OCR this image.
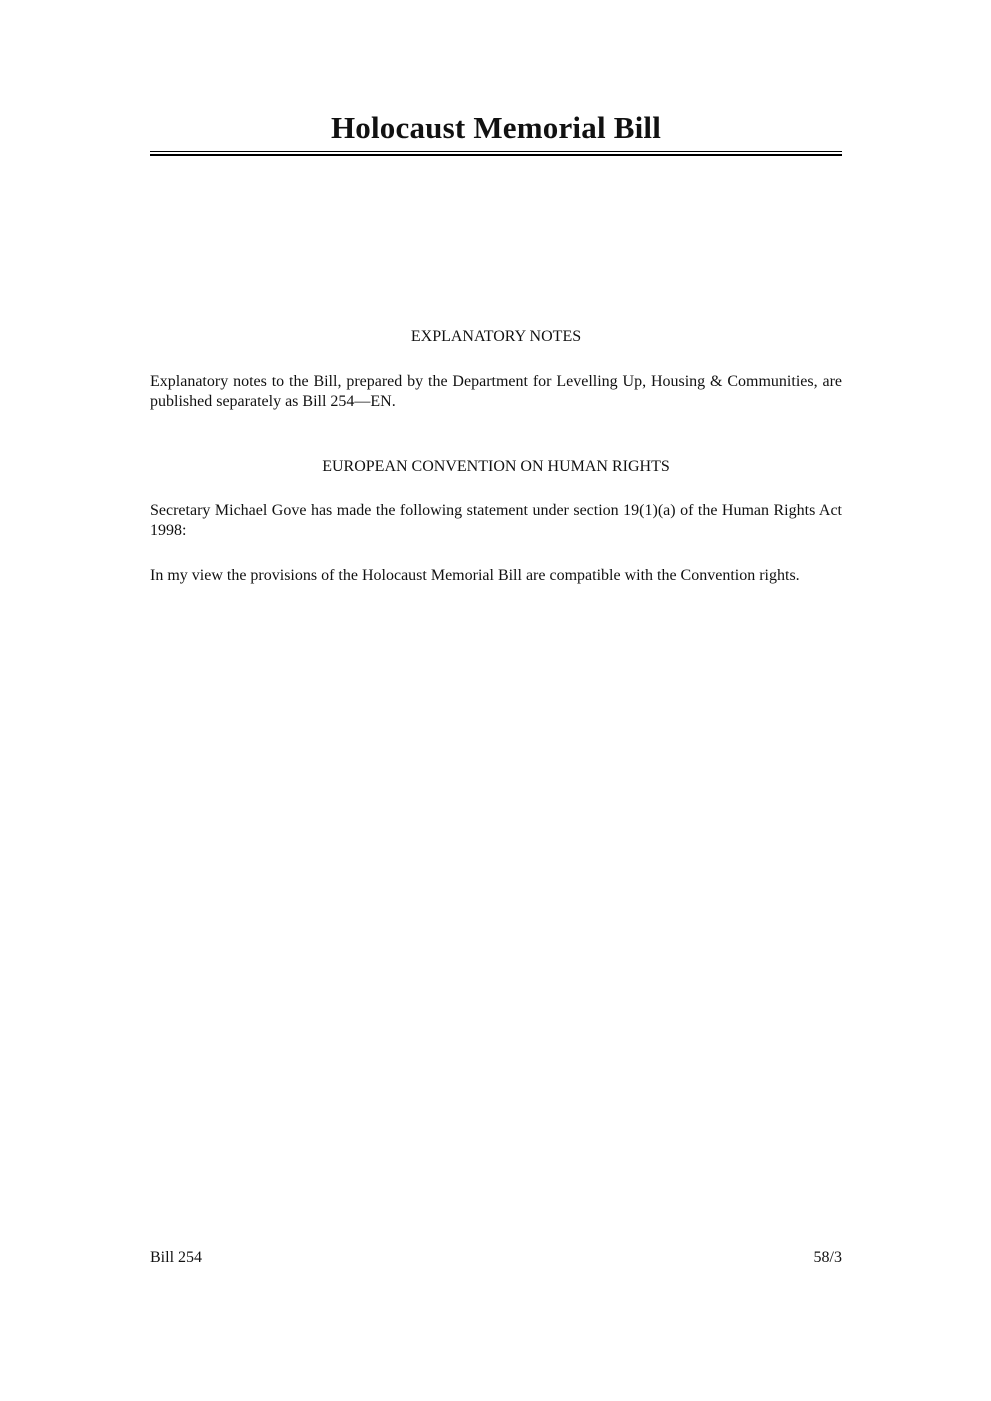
Holocaust Memorial Bill
EXPLANATORY NOTES
Explanatory notes to the Bill, prepared by the Department for Levelling Up, Housing & Communities, are published separately as Bill 254—EN.
EUROPEAN CONVENTION ON HUMAN RIGHTS
Secretary Michael Gove has made the following statement under section 19(1)(a) of the Human Rights Act 1998:
In my view the provisions of the Holocaust Memorial Bill are compatible with the Convention rights.
Bill 254	58/3
